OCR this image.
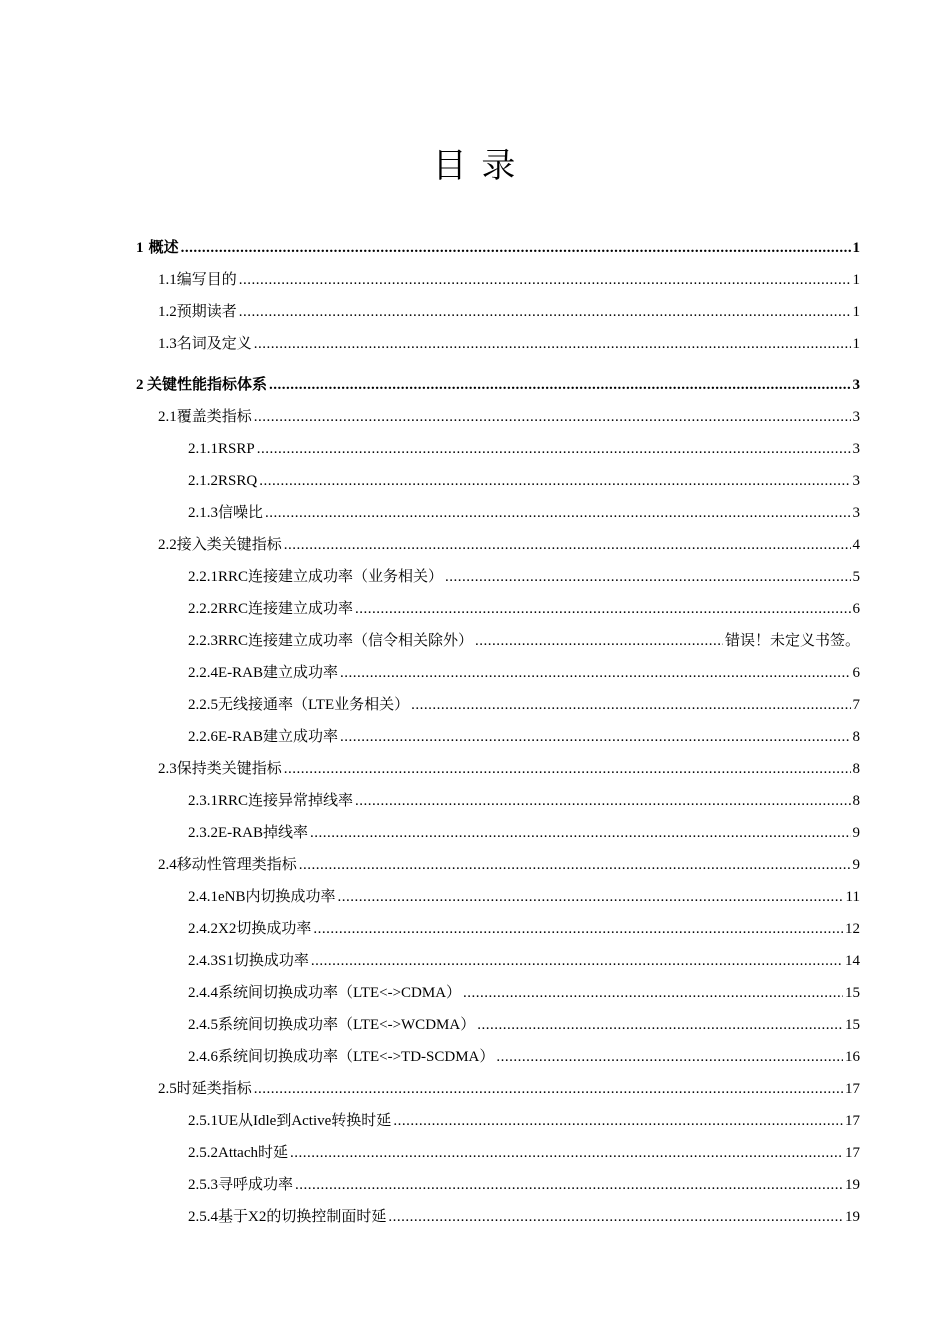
目 录
1 概述 .....	1
1.1 编写目的 .....	1
1.2 预期读者 .....	1
1.3 名词及定义 .....	1
2 关键性能指标体系 .....	3
2.1 覆盖类指标 .....	3
2.1.1 RSRP .....	3
2.1.2 RSRQ .....	3
2.1.3 信噪比 .....	3
2.2 接入类关键指标 .....	4
2.2.1 RRC连接建立成功率（业务相关） .....	5
2.2.2 RRC连接建立成功率 .....	6
2.2.3 RRC连接建立成功率（信令相关除外） .....	错误！未定义书签。
2.2.4 E-RAB建立成功率 .....	6
2.2.5 无线接通率（LTE业务相关） .....	7
2.2.6 E-RAB建立成功率 .....	8
2.3 保持类关键指标 .....	8
2.3.1 RRC连接异常掉线率 .....	8
2.3.2 E-RAB掉线率 .....	9
2.4 移动性管理类指标 .....	9
2.4.1 eNB内切换成功率 .....	11
2.4.2 X2切换成功率 .....	12
2.4.3 S1切换成功率 .....	14
2.4.4 系统间切换成功率（LTE<->CDMA） .....	15
2.4.5 系统间切换成功率（LTE<->WCDMA） .....	15
2.4.6 系统间切换成功率（LTE<->TD-SCDMA） .....	16
2.5 时延类指标 .....	17
2.5.1 UE从Idle到Active转换时延 .....	17
2.5.2 Attach时延 .....	17
2.5.3 寻呼成功率 .....	19
2.5.4 基于X2的切换控制面时延 .....	19
